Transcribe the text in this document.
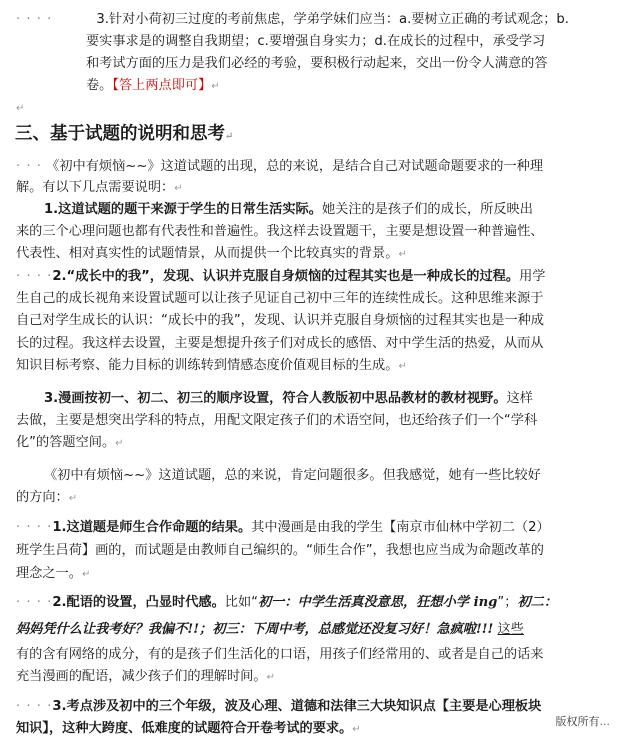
· · · ·	3.针对小荷初三过度的考前焦虑，学弟学妹们应当：a.要树立正确的考试观念；b.
要实事求是的调整自我期望；c.要增强自身实力；d.在成长的过程中，承受学习
和考试方面的压力是我们必经的考验，要积极行动起来，交出一份令人满意的答
卷。【答上两点即可】↵
↵
三、基于试题的说明和思考↵
· · · 《初中有烦恼~~》这道试题的出现，总的来说，是结合自己对试题命题要求的一种理
解。有以下几点需要说明：↵
1.这道试题的题干来源于学生的日常生活实际。她关注的是孩子们的成长，所反映出
来的三个心理问题也都有代表性和普遍性。我这样去设置题干，主要是想设置一种普遍性、
代表性、相对真实性的试题情景，从而提供一个比较真实的背景。↵
· · · ·2.“成长中的我”，发现、认识并克服自身烦恼的过程其实也是一种成长的过程。用学
生自己的成长视角来设置试题可以让孩子见证自己初中三年的连续性成长。这种思维来源于
自己对学生成长的认识：“成长中的我”，发现、认识并克服自身烦恼的过程其实也是一种成
长的过程。我这样去设置，主要是想提升孩子们对成长的感悟、对中学生活的热爱，从而从
知识目标考察、能力目标的训练转到情感态度价值观目标的生成。↵
3.漫画按初一、初二、初三的顺序设置，符合人教版初中思品教材的教材视野。这样
去做，主要是想突出学科的特点，用配文限定孩子们的术语空间，也还给孩子们一个“学科
化”的答题空间。↵
《初中有烦恼~~》这道试题，总的来说，肯定问题很多。但我感觉，她有一些比较好
的方向：↵
· · · ·1.这道题是师生合作命题的结果。其中漫画是由我的学生【南京市仙林中学初二（2）
班学生吕荷】画的，而试题是由教师自己编织的。“师生合作”，我想也应当成为命题改革的
理念之一。↵
· · · ·2.配语的设置，凸显时代感。比如“初一：中学生活真没意思，狂想小学 ing”；初二：
妈妈凭什么让我考好？我偏不!!；初三：下周中考，总感觉还没复习好！急疯啦!!! 这些
有的含有网络的成分，有的是孩子们生活化的口语，用孩子们经常用的、或者是自己的话来
充当漫画的配语，减少孩子们的理解时间。↵
· · · ·3.考点涉及初中的三个年级，波及心理、道德和法律三大块知识点【主要是心理板块
知识】，这种大跨度、低难度的试题符合开卷考试的要求。↵
版权所有...
